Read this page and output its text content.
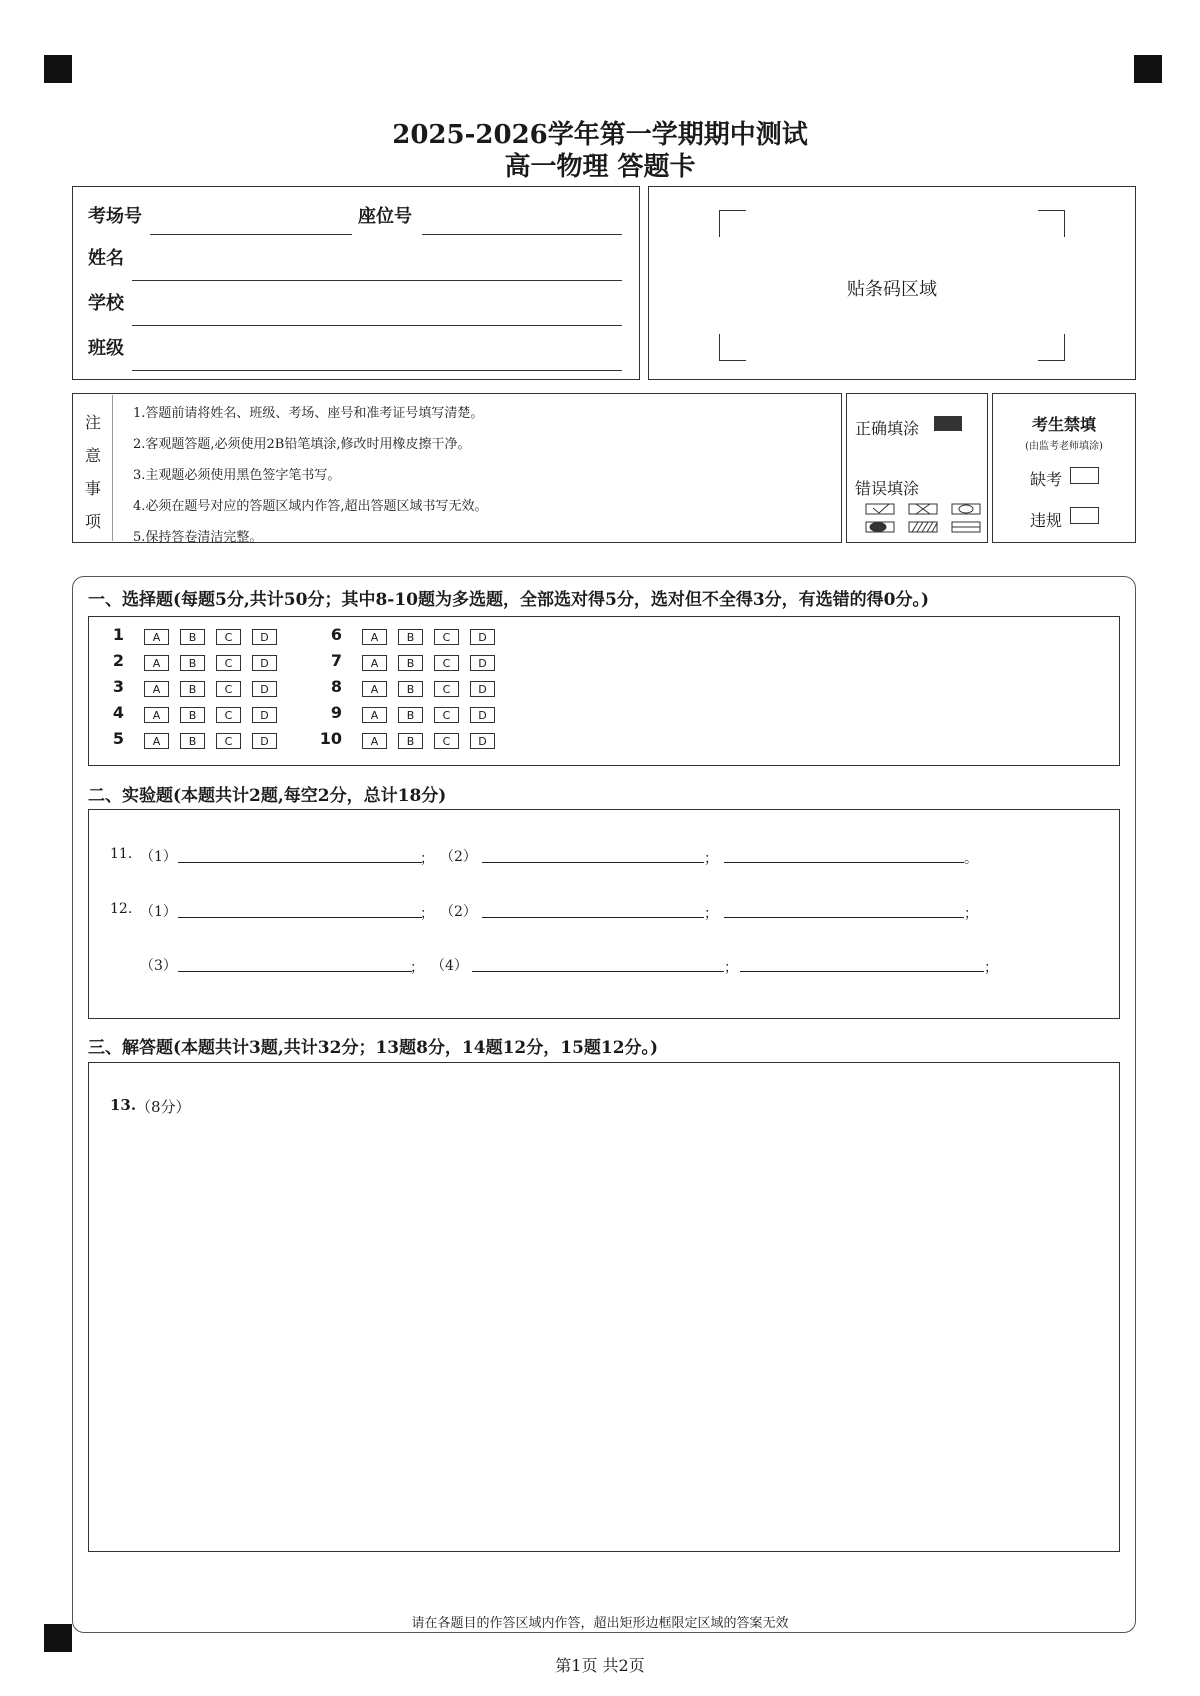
2025-2026学年第一学期期中测试
高一物理 答题卡
考场号	座位号
姓名
学校
班级
贴条码区域
注
意
事
项
1.答题前请将姓名、班级、考场、座号和准考证号填写清楚。
2.客观题答题,必须使用2B铅笔填涂,修改时用橡皮擦干净。
3.主观题必须使用黑色签字笔书写。
4.必须在题号对应的答题区域内作答,超出答题区域书写无效。
5.保持答卷清洁完整。
正确填涂
错误填涂
考生禁填
(由监考老师填涂)
缺考
违规
一、选择题(每题5分,共计50分；其中8-10题为多选题，全部选对得5分，选对但不全得3分，有选错的得0分。)
1	A	B	C	D
2	A	B	C	D
3	A	B	C	D
4	A	B	C	D
5	A	B	C	D
6	A	B	C	D
7	A	B	C	D
8	A	B	C	D
9	A	B	C	D
10	A	B	C	D
二、实验题(本题共计2题,每空2分，总计18分)
11. （1）	； （2）	；	。
12. （1）	； （2）	；	；
（3）	； （4）	；	；
三、解答题(本题共计3题,共计32分；13题8分，14题12分，15题12分。)
13. （8分）
请在各题目的作答区域内作答，超出矩形边框限定区域的答案无效
第1页 共2页
